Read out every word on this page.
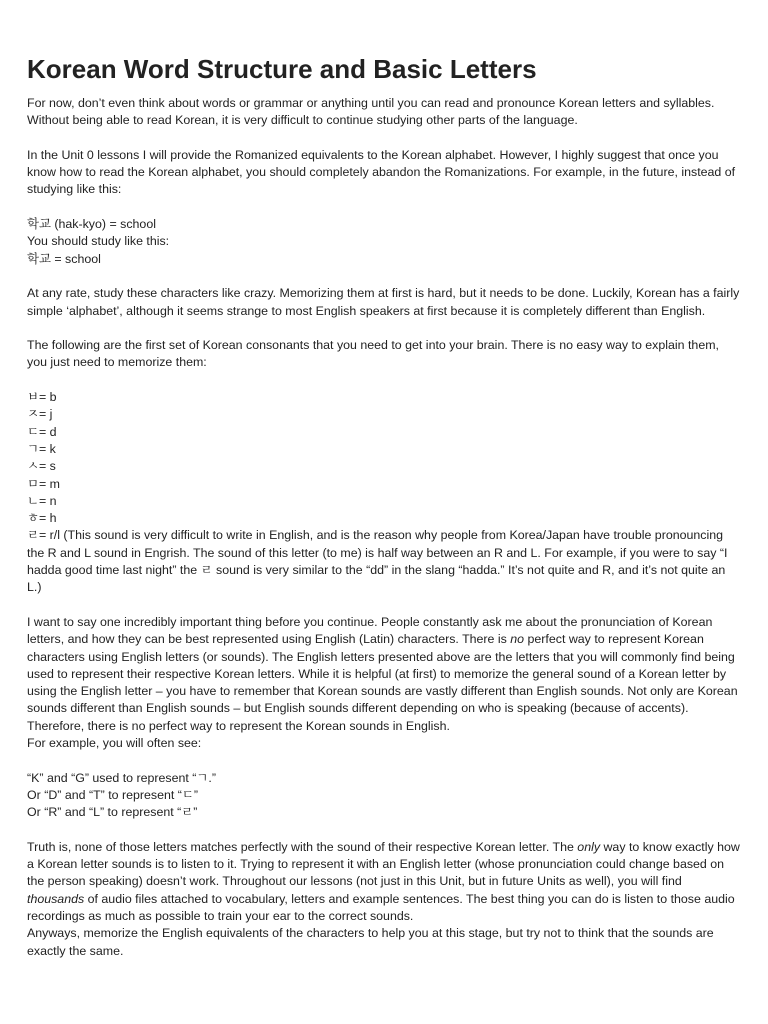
Korean Word Structure and Basic Letters

For now, don’t even think about words or grammar or anything until you can read and pronounce Korean letters and syllables. Without being able to read Korean, it is very difficult to continue studying other parts of the language.

In the Unit 0 lessons I will provide the Romanized equivalents to the Korean alphabet. However, I highly suggest that once you know how to read the Korean alphabet, you should completely abandon the Romanizations. For example, in the future, instead of studying like this:

학교 (hak-kyo) = school
You should study like this:
학교 = school

At any rate, study these characters like crazy. Memorizing them at first is hard, but it needs to be done. Luckily, Korean has a fairly simple ‘alphabet’, although it seems strange to most English speakers at first because it is completely different than English.

The following are the first set of Korean consonants that you need to get into your brain. There is no easy way to explain them, you just need to memorize them:

ㅂ= b
ㅈ= j
ㄷ= d
ㄱ= k
ㅅ= s
ㅁ= m
ㄴ= n
ㅎ= h
ㄹ= r/l (This sound is very difficult to write in English, and is the reason why people from Korea/Japan have trouble pronouncing the R and L sound in Engrish. The sound of this letter (to me) is half way between an R and L. For example, if you were to say “I hadda good time last night” the ㄹ sound is very similar to the “dd” in the slang “hadda.” It’s not quite and R, and it’s not quite an L.)

I want to say one incredibly important thing before you continue. People constantly ask me about the pronunciation of Korean letters, and how they can be best represented using English (Latin) characters. There is no perfect way to represent Korean characters using English letters (or sounds). The English letters presented above are the letters that you will commonly find being used to represent their respective Korean letters. While it is helpful (at first) to memorize the general sound of a Korean letter by using the English letter – you have to remember that Korean sounds are vastly different than English sounds. Not only are Korean sounds different than English sounds – but English sounds different depending on who is speaking (because of accents). Therefore, there is no perfect way to represent the Korean sounds in English.
For example, you will often see:

“K” and “G” used to represent “ㄱ.”
Or “D” and “T” to represent “ㄷ”
Or “R” and “L” to represent “ㄹ”

Truth is, none of those letters matches perfectly with the sound of their respective Korean letter. The only way to know exactly how a Korean letter sounds is to listen to it. Trying to represent it with an English letter (whose pronunciation could change based on the person speaking) doesn’t work. Throughout our lessons (not just in this Unit, but in future Units as well), you will find thousands of audio files attached to vocabulary, letters and example sentences. The best thing you can do is listen to those audio recordings as much as possible to train your ear to the correct sounds.
Anyways, memorize the English equivalents of the characters to help you at this stage, but try not to think that the sounds are exactly the same.
